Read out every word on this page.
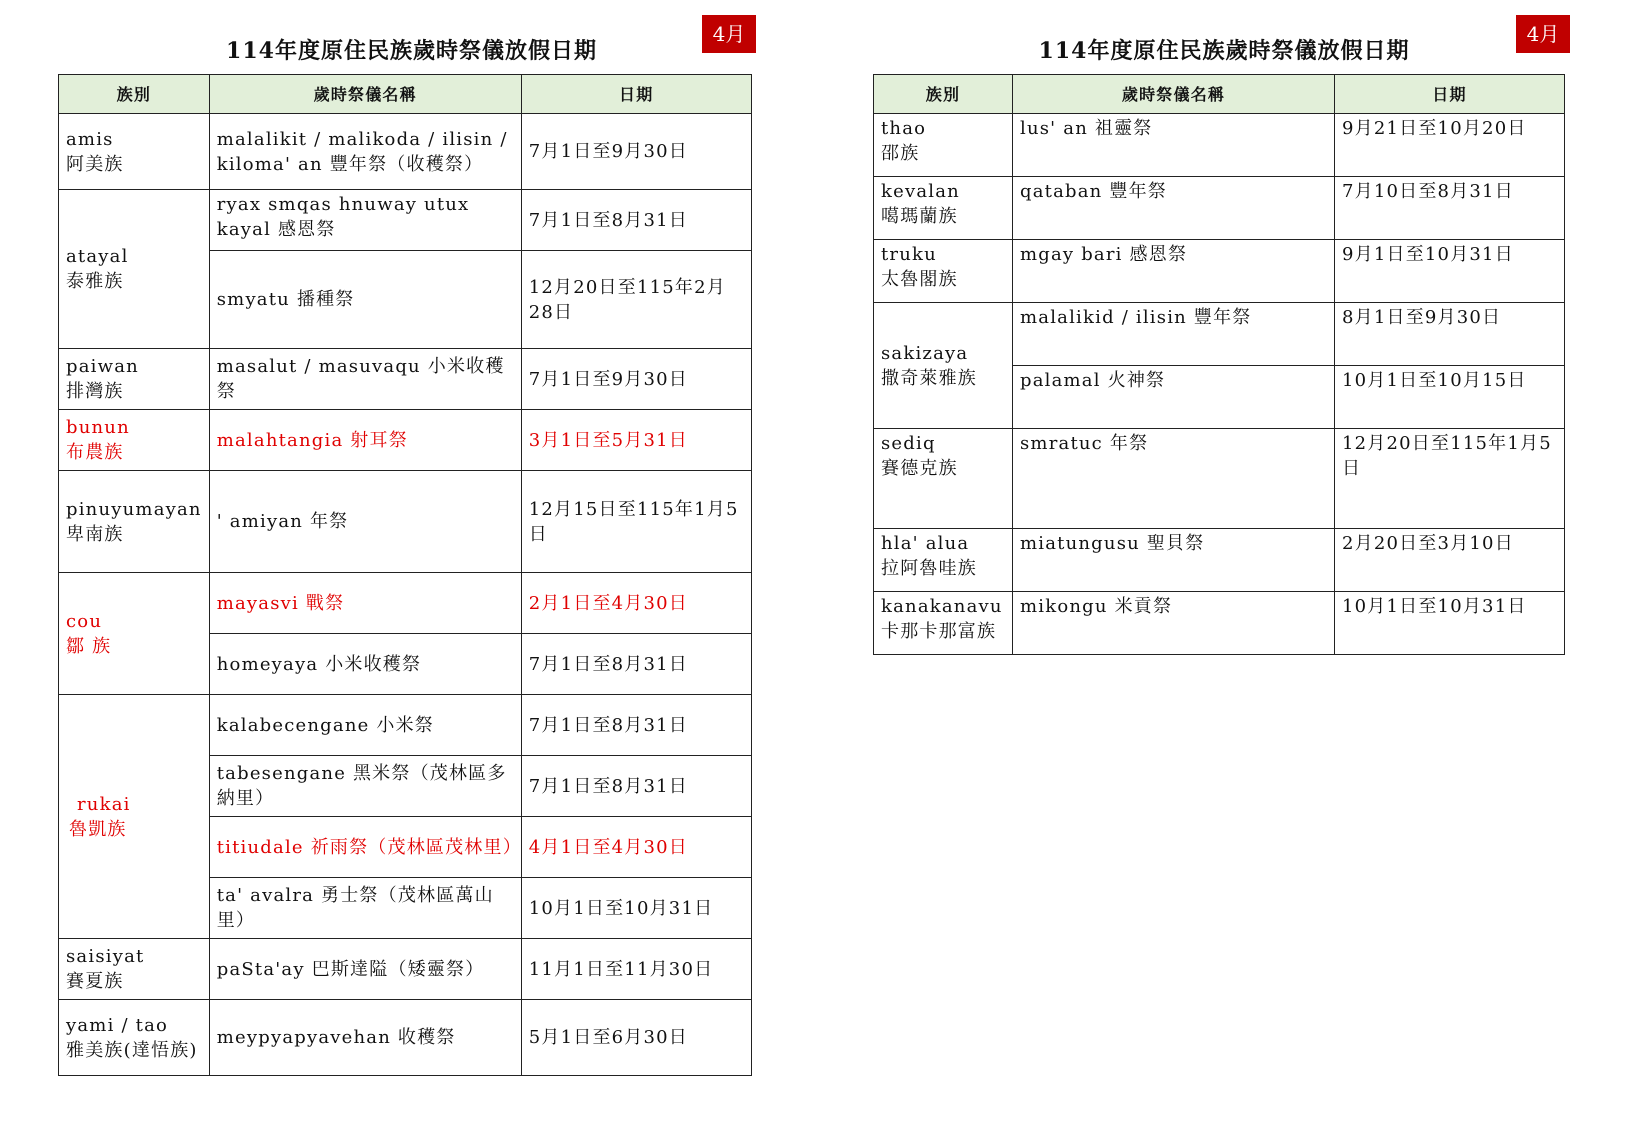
114年度原住民族歲時祭儀放假日期
4月
族別	歲時祭儀名稱	日期

amis
阿美族	malalikit / malikoda / ilisin / kiloma' an 豐年祭（收穫祭）	7月1日至9月30日

atayal
泰雅族	ryax smqas hnuway utux kayal 感恩祭	7月1日至8月31日
	smyatu 播種祭	12月20日至115年2月28日

paiwan
排灣族	masalut / masuvaqu 小米收穫祭	7月1日至9月30日

bunun
布農族	malahtangia 射耳祭	3月1日至5月31日

pinuyumayan
卑南族	' amiyan 年祭	12月15日至115年1月5日

cou
鄒 族	mayasvi 戰祭	2月1日至4月30日
	homeyaya 小米收穫祭	7月1日至8月31日

rukai
魯凱族	kalabecengane 小米祭	7月1日至8月31日
	tabesengane 黑米祭（茂林區多納里）	7月1日至8月31日
	titiudale 祈雨祭（茂林區茂林里）	4月1日至4月30日
	ta' avalra 勇士祭（茂林區萬山里）	10月1日至10月31日

saisiyat
賽夏族	paSta'ay 巴斯達隘（矮靈祭）	11月1日至11月30日

yami / tao
雅美族(達悟族)	meypyapyavehan 收穫祭	5月1日至6月30日
114年度原住民族歲時祭儀放假日期
4月
族別	歲時祭儀名稱	日期

thao
邵族	lus' an 祖靈祭	9月21日至10月20日

kevalan
噶瑪蘭族	qataban 豐年祭	7月10日至8月31日

truku
太魯閣族	mgay bari 感恩祭	9月1日至10月31日

sakizaya
撒奇萊雅族	malalikid / ilisin 豐年祭	8月1日至9月30日
	palamal 火神祭	10月1日至10月15日

sediq
賽德克族	smratuc 年祭	12月20日至115年1月5日

hla' alua
拉阿魯哇族	miatungusu 聖貝祭	2月20日至3月10日

kanakanavu
卡那卡那富族	mikongu 米貢祭	10月1日至10月31日
